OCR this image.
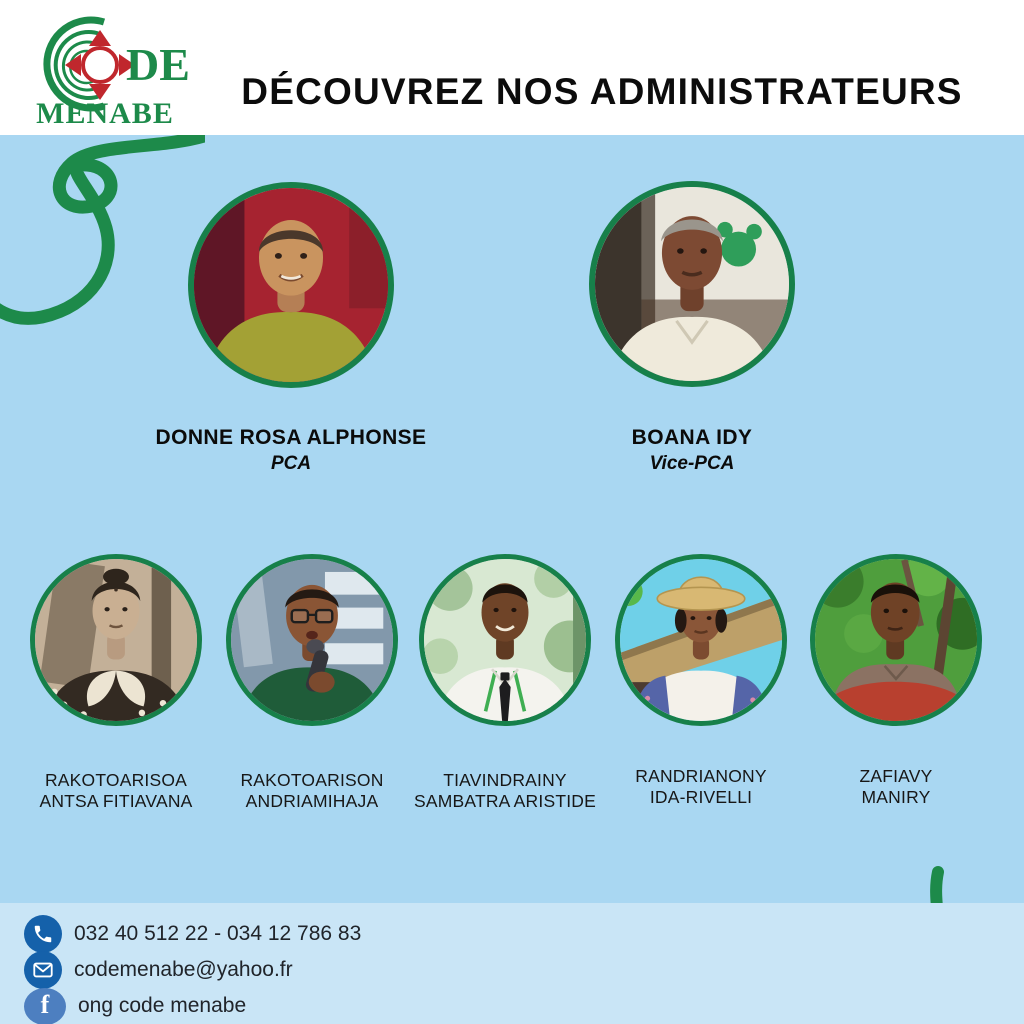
DE
MENABE
DÉCOUVREZ NOS ADMINISTRATEURS
DONNE ROSA ALPHONSE
PCA
BOANA IDY
Vice-PCA
RAKOTOARISOA
ANTSA FITIAVANA
RAKOTOARISON
ANDRIAMIHAJA
TIAVINDRAINY
SAMBATRA ARISTIDE
RANDRIANONY
IDA-RIVELLI
ZAFIAVY
MANIRY
032 40 512 22 - 034 12 786 83
codemenabe@yahoo.fr
f ong code menabe
